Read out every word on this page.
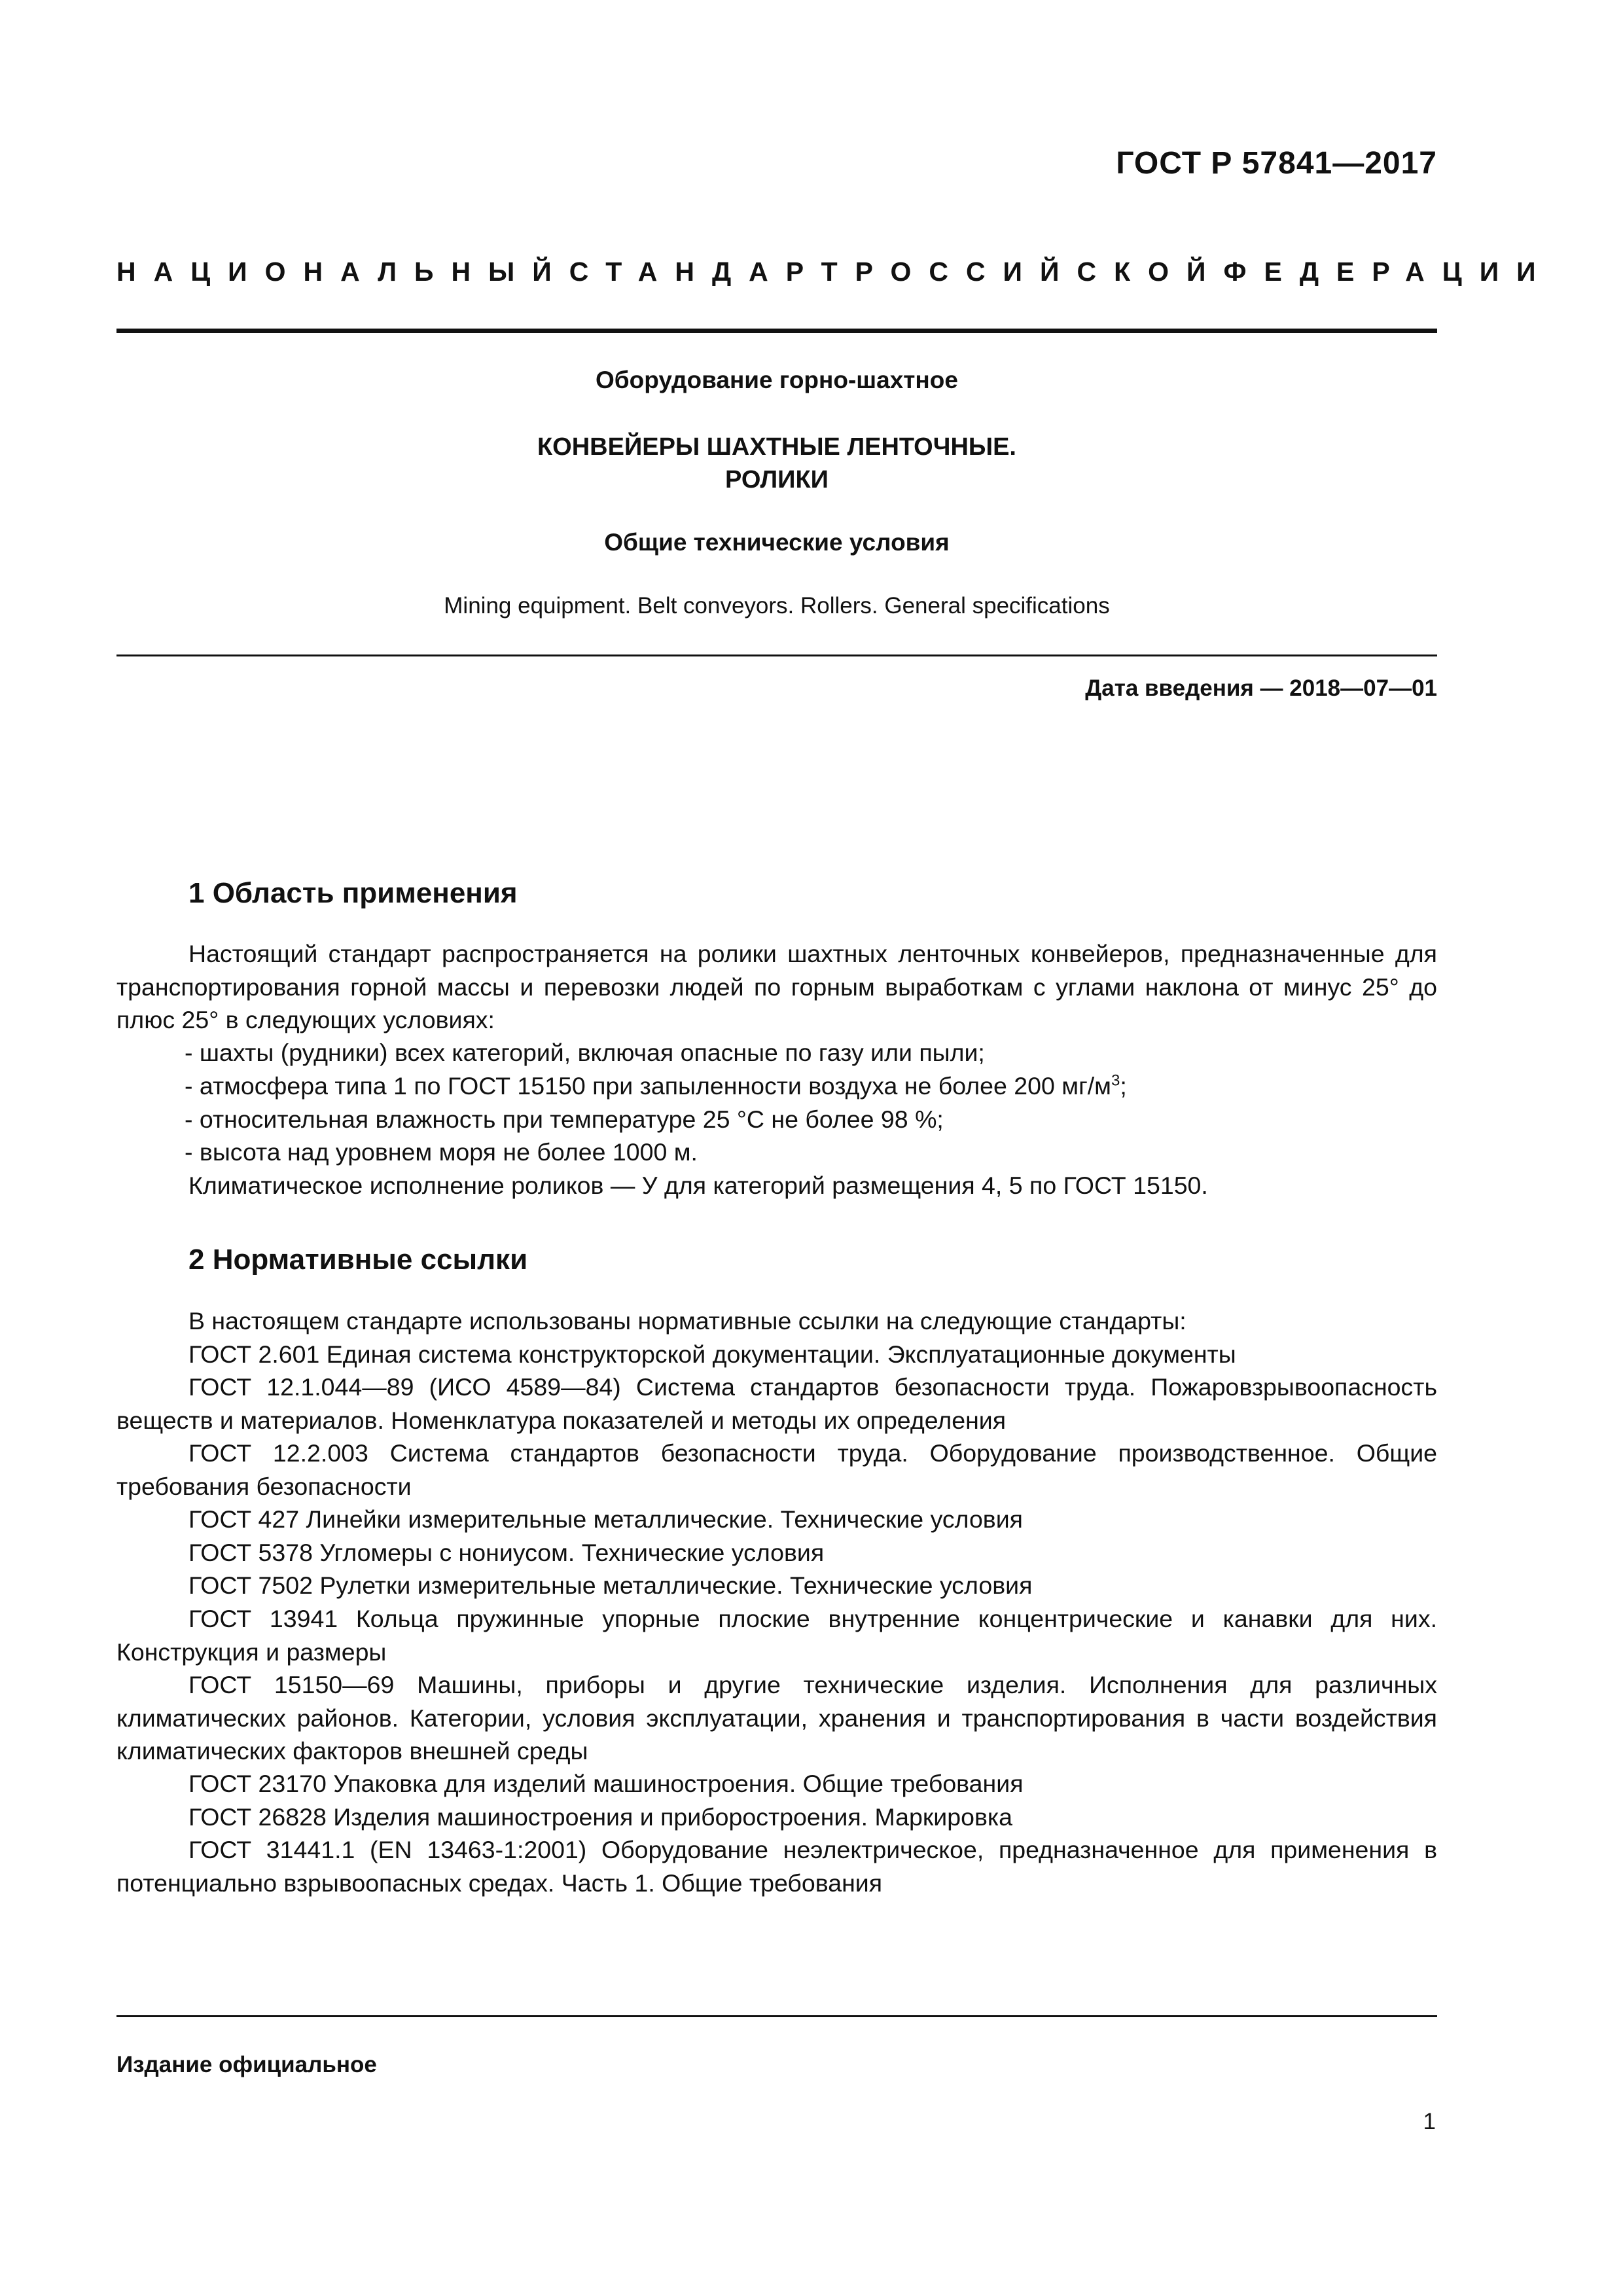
ГОСТ Р 57841—2017
НАЦИОНАЛЬНЫЙ СТАНДАРТ РОССИЙСКОЙ ФЕДЕРАЦИИ
Оборудование горно-шахтное
КОНВЕЙЕРЫ ШАХТНЫЕ ЛЕНТОЧНЫЕ.
РОЛИКИ
Общие технические условия
Mining equipment. Belt conveyors. Rollers. General specifications
Дата введения — 2018—07—01
1 Область применения
Настоящий стандарт распространяется на ролики шахтных ленточных конвейеров, предназначенные для транспортирования горной массы и перевозки людей по горным выработкам с углами наклона от минус 25° до плюс 25° в следующих условиях:
- шахты (рудники) всех категорий, включая опасные по газу или пыли;
- атмосфера типа 1 по ГОСТ 15150 при запыленности воздуха не более 200 $мг/м^3$;
- относительная влажность при температуре 25 °С не более 98 %;
- высота над уровнем моря не более 1000 м.
Климатическое исполнение роликов — У для категорий размещения 4, 5 по ГОСТ 15150.
2 Нормативные ссылки
В настоящем стандарте использованы нормативные ссылки на следующие стандарты:
ГОСТ 2.601 Единая система конструкторской документации. Эксплуатационные документы
ГОСТ 12.1.044—89 (ИСО 4589—84) Система стандартов безопасности труда. Пожаровзрывоопасность веществ и материалов. Номенклатура показателей и методы их определения
ГОСТ 12.2.003 Система стандартов безопасности труда. Оборудование производственное. Общие требования безопасности
ГОСТ 427 Линейки измерительные металлические. Технические условия
ГОСТ 5378 Угломеры с нониусом. Технические условия
ГОСТ 7502 Рулетки измерительные металлические. Технические условия
ГОСТ 13941 Кольца пружинные упорные плоские внутренние концентрические и канавки для них. Конструкция и размеры
ГОСТ 15150—69 Машины, приборы и другие технические изделия. Исполнения для различных климатических районов. Категории, условия эксплуатации, хранения и транспортирования в части воздействия климатических факторов внешней среды
ГОСТ 23170 Упаковка для изделий машиностроения. Общие требования
ГОСТ 26828 Изделия машиностроения и приборостроения. Маркировка
ГОСТ 31441.1 (EN 13463-1:2001) Оборудование неэлектрическое, предназначенное для применения в потенциально взрывоопасных средах. Часть 1. Общие требования
Издание официальное
1
